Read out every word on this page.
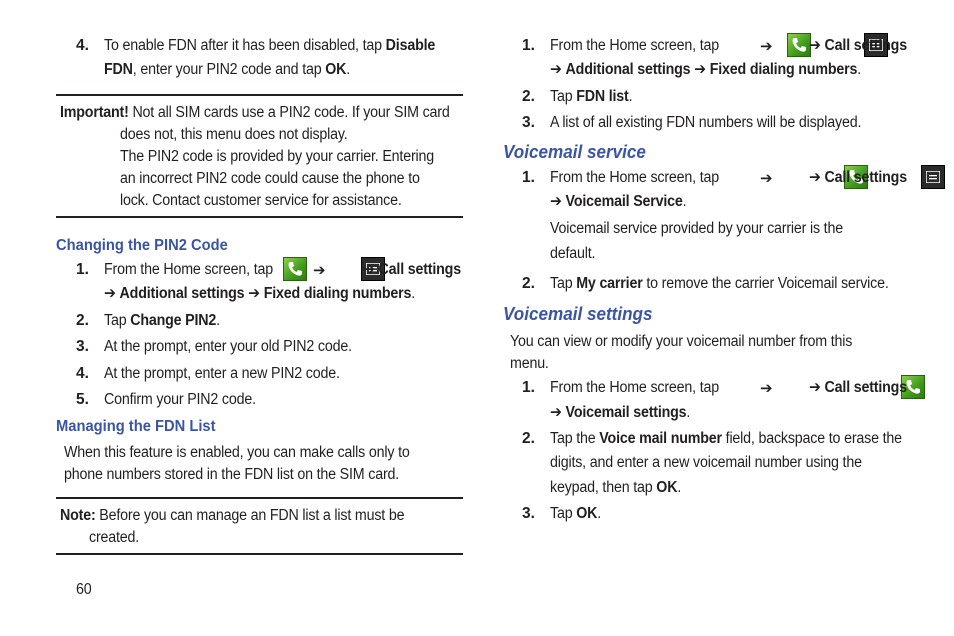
4. To enable FDN after it has been disabled, tap Disable
FDN, enter your PIN2 code and tap OK.
Important! Not all SIM cards use a PIN2 code. If your SIM card
does not, this menu does not display.
The PIN2 code is provided by your carrier. Entering
an incorrect PIN2 code could cause the phone to
lock. Contact customer service for assistance.
Changing the PIN2 Code
1. From the Home screen, tap
	➔
➔ Call settings
➔ Additional settings ➔ Fixed dialing numbers.
2. Tap Change PIN2.
3. At the prompt, enter your old PIN2 code.
4. At the prompt, enter a new PIN2 code.
5. Confirm your PIN2 code.
Managing the FDN List
When this feature is enabled, you can make calls only to
phone numbers stored in the FDN list on the SIM card.
Note: Before you can manage an FDN list a list must be
created.
60
1. From the Home screen, tap
	➔
➔ Call settings
➔ Additional settings ➔ Fixed dialing numbers.
2. Tap FDN list.
3. A list of all existing FDN numbers will be displayed.
Voicemail service
1. From the Home screen, tap
	➔
➔ Call settings
➔ Voicemail Service.
Voicemail service provided by your carrier is the
default.
2. Tap My carrier to remove the carrier Voicemail service.
Voicemail settings
You can view or modify your voicemail number from this
menu.
1. From the Home screen, tap
	➔ ➔ Call settings
➔ Voicemail settings.
2. Tap the Voice mail number field, backspace to erase the
digits, and enter a new voicemail number using the
keypad, then tap OK.
3. Tap OK.
